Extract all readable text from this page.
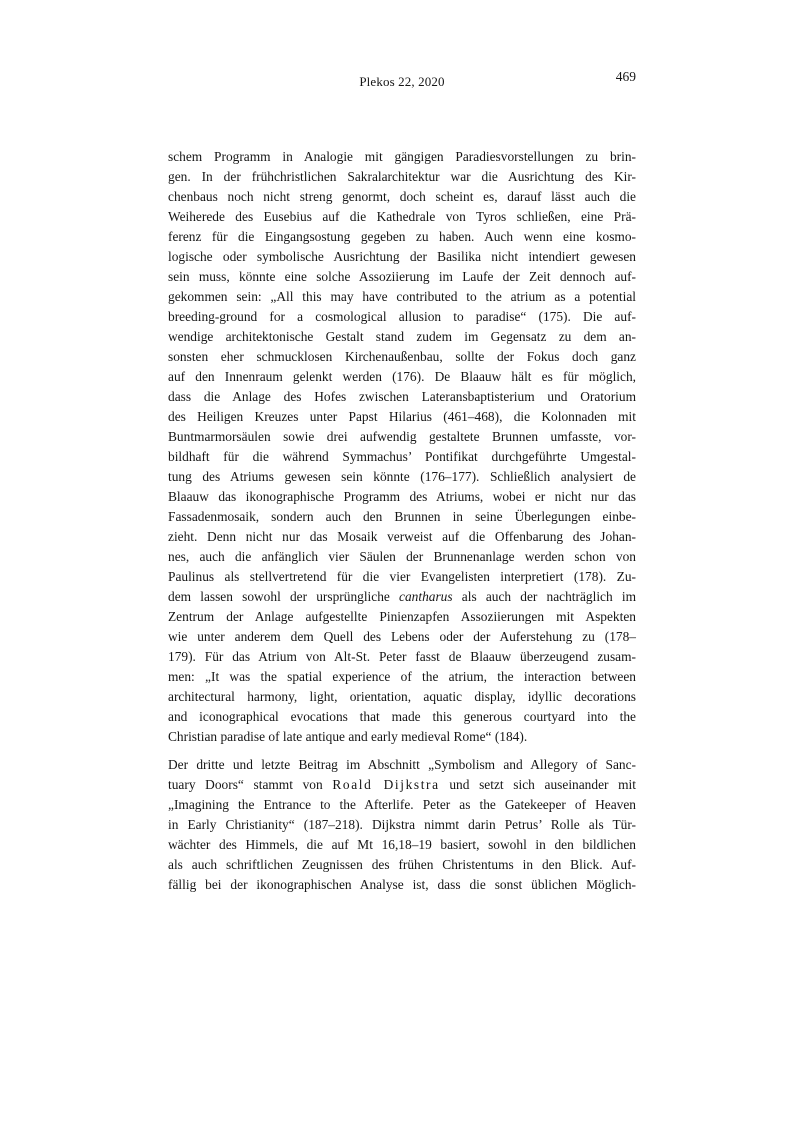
Plekos 22, 2020	469
schem Programm in Analogie mit gängigen Paradiesvorstellungen zu brin-
gen. In der frühchristlichen Sakralarchitektur war die Ausrichtung des Kir-
chenbaus noch nicht streng genormt, doch scheint es, darauf lässt auch die
Weiherede des Eusebius auf die Kathedrale von Tyros schließen, eine Prä-
ferenz für die Eingangsostung gegeben zu haben. Auch wenn eine kosmo-
logische oder symbolische Ausrichtung der Basilika nicht intendiert gewesen
sein muss, könnte eine solche Assoziierung im Laufe der Zeit dennoch auf-
gekommen sein: „All this may have contributed to the atrium as a potential
breeding-ground for a cosmological allusion to paradise“ (175). Die auf-
wendige architektonische Gestalt stand zudem im Gegensatz zu dem an-
sonsten eher schmucklosen Kirchenaußenbau, sollte der Fokus doch ganz
auf den Innenraum gelenkt werden (176). De Blaauw hält es für möglich,
dass die Anlage des Hofes zwischen Lateransbaptisterium und Oratorium
des Heiligen Kreuzes unter Papst Hilarius (461–468), die Kolonnaden mit
Buntmarmorsäulen sowie drei aufwendig gestaltete Brunnen umfasste, vor-
bildhaft für die während Symmachus’ Pontifikat durchgeführte Umgestal-
tung des Atriums gewesen sein könnte (176–177). Schließlich analysiert de
Blaauw das ikonographische Programm des Atriums, wobei er nicht nur das
Fassadenmosaik, sondern auch den Brunnen in seine Überlegungen einbe-
zieht. Denn nicht nur das Mosaik verweist auf die Offenbarung des Johan-
nes, auch die anfänglich vier Säulen der Brunnenanlage werden schon von
Paulinus als stellvertretend für die vier Evangelisten interpretiert (178). Zu-
dem lassen sowohl der ursprüngliche cantharus als auch der nachträglich im
Zentrum der Anlage aufgestellte Pinienzapfen Assoziierungen mit Aspekten
wie unter anderem dem Quell des Lebens oder der Auferstehung zu (178–
179). Für das Atrium von Alt-St. Peter fasst de Blaauw überzeugend zusam-
men: „It was the spatial experience of the atrium, the interaction between
architectural harmony, light, orientation, aquatic display, idyllic decorations
and iconographical evocations that made this generous courtyard into the
Christian paradise of late antique and early medieval Rome“ (184).
Der dritte und letzte Beitrag im Abschnitt „Symbolism and Allegory of Sanc-
tuary Doors“ stammt von Roald Dijkstra und setzt sich auseinander mit
„Imagining the Entrance to the Afterlife. Peter as the Gatekeeper of Heaven
in Early Christianity“ (187–218). Dijkstra nimmt darin Petrus’ Rolle als Tür-
wächter des Himmels, die auf Mt 16,18–19 basiert, sowohl in den bildlichen
als auch schriftlichen Zeugnissen des frühen Christentums in den Blick. Auf-
fällig bei der ikonographischen Analyse ist, dass die sonst üblichen Möglich-
